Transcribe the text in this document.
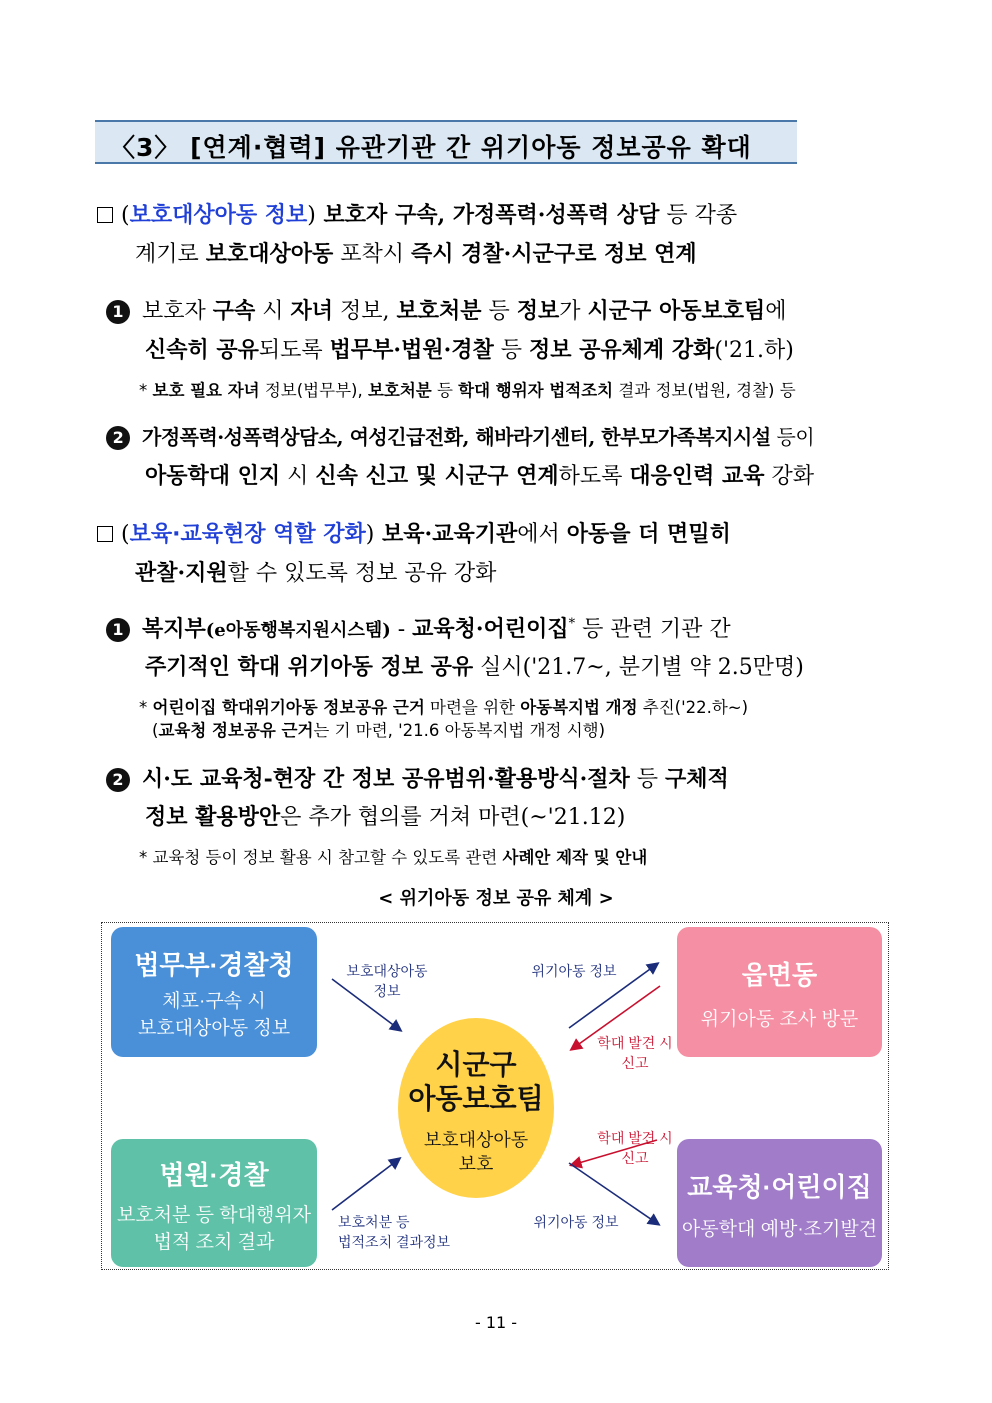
〈3〉 [연계·협력] 유관기관 간 위기아동 정보공유 확대
(보호대상아동 정보) 보호자 구속, 가정폭력·성폭력 상담 등 각종
계기로 보호대상아동 포착시 즉시 경찰·시군구로 정보 연계
1 보호자 구속 시 자녀 정보, 보호처분 등 정보가 시군구 아동보호팀에
신속히 공유되도록 법무부·법원·경찰 등 정보 공유체계 강화('21.하)
* 보호 필요 자녀 정보(법무부), 보호처분 등 학대 행위자 법적조치 결과 정보(법원, 경찰) 등
2 가정폭력·성폭력상담소, 여성긴급전화, 해바라기센터, 한부모가족복지시설 등이
아동학대 인지 시 신속 신고 및 시군구 연계하도록 대응인력 교육 강화
(보육·교육현장 역할 강화) 보육·교육기관에서 아동을 더 면밀히
관찰·지원할 수 있도록 정보 공유 강화
1 복지부(e아동행복지원시스템) - 교육청·어린이집* 등 관련 기관 간
주기적인 학대 위기아동 정보 공유 실시('21.7~, 분기별 약 2.5만명)
* 어린이집 학대위기아동 정보공유 근거 마련을 위한 아동복지법 개정 추진('22.하~)
(교육청 정보공유 근거는 기 마련, '21.6 아동복지법 개정 시행)
2 시·도 교육청-현장 간 정보 공유범위·활용방식·절차 등 구체적
정보 활용방안은 추가 협의를 거쳐 마련(~'21.12)
* 교육청 등이 정보 활용 시 참고할 수 있도록 관련 사례안 제작 및 안내
< 위기아동 정보 공유 체계 >
법무부·경찰청
체포·구속 시
보호대상아동 정보
읍면동
위기아동 조사 방문
법원·경찰
보호처분 등 학대행위자
법적 조치 결과
교육청·어린이집
아동학대 예방·조기발견
시군구
아동보호팀
보호대상아동
보호
보호대상아동
정보
위기아동 정보
학대 발견 시
신고
학대 발견 시
신고
보호처분 등
법적조치 결과정보
위기아동 정보
- 11 -
